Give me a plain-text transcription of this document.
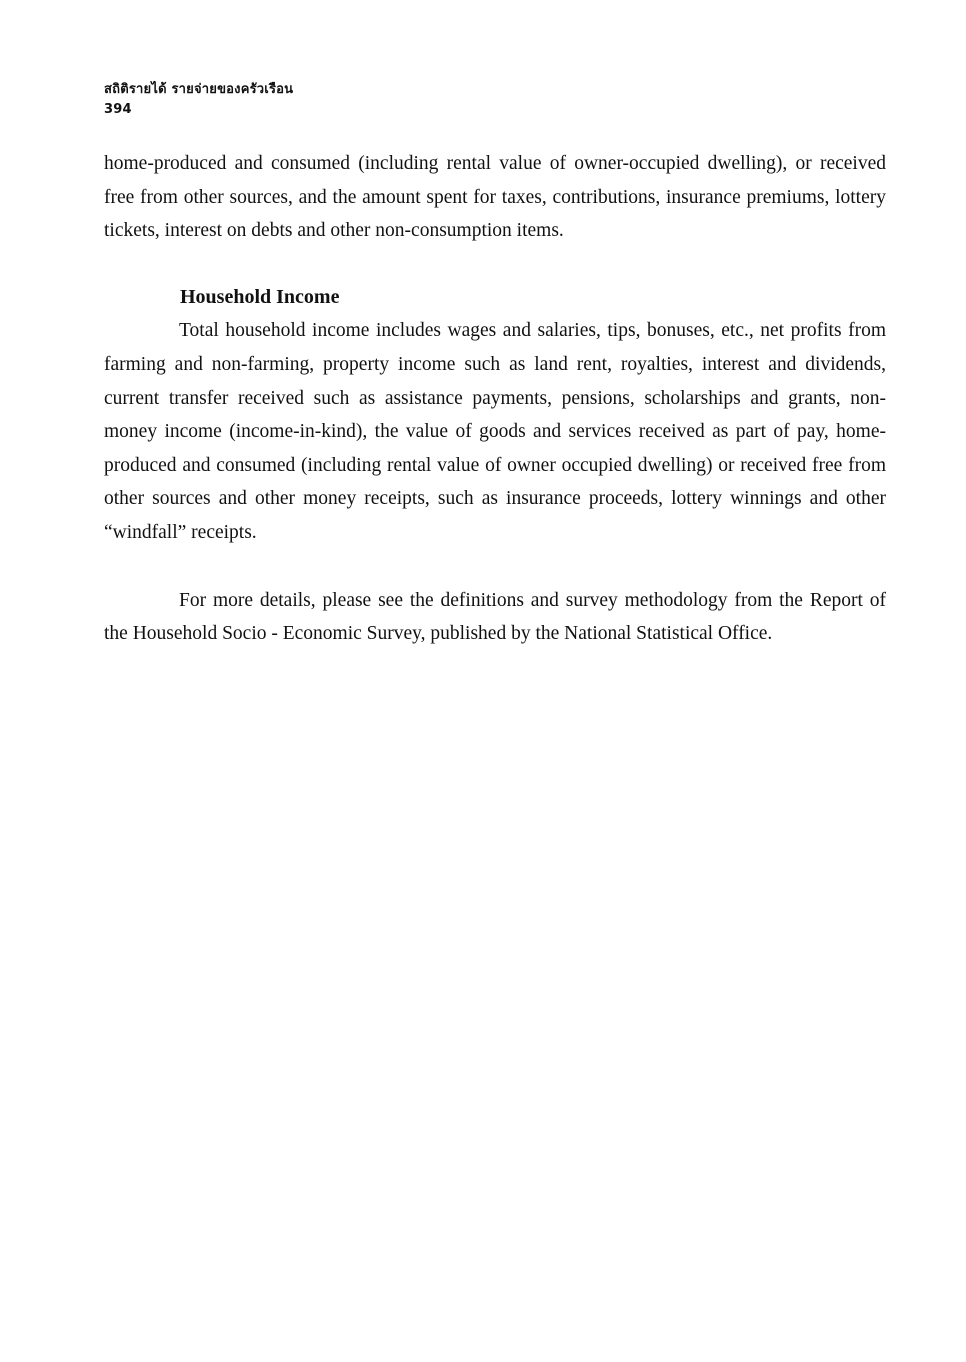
สถิติรายได้ รายจ่ายของครัวเรือน
394

home-produced and consumed (including rental value of owner-occupied dwelling), or received free from other sources, and the amount spent for taxes, contributions, insurance premiums, lottery tickets, interest on debts and other non-consumption items.

Household Income

Total household income includes wages and salaries, tips, bonuses, etc., net profits from farming and non-farming, property income such as land rent, royalties, interest and dividends, current transfer received such as assistance payments, pensions, scholarships and grants, non-money income (income-in-kind), the value of goods and services received as part of pay, home-produced and consumed (including rental value of owner occupied dwelling) or received free from other sources and other money receipts, such as insurance proceeds, lottery winnings and other “windfall” receipts.

For more details, please see the definitions and survey methodology from the Report of the Household Socio - Economic Survey, published by the National Statistical Office.
